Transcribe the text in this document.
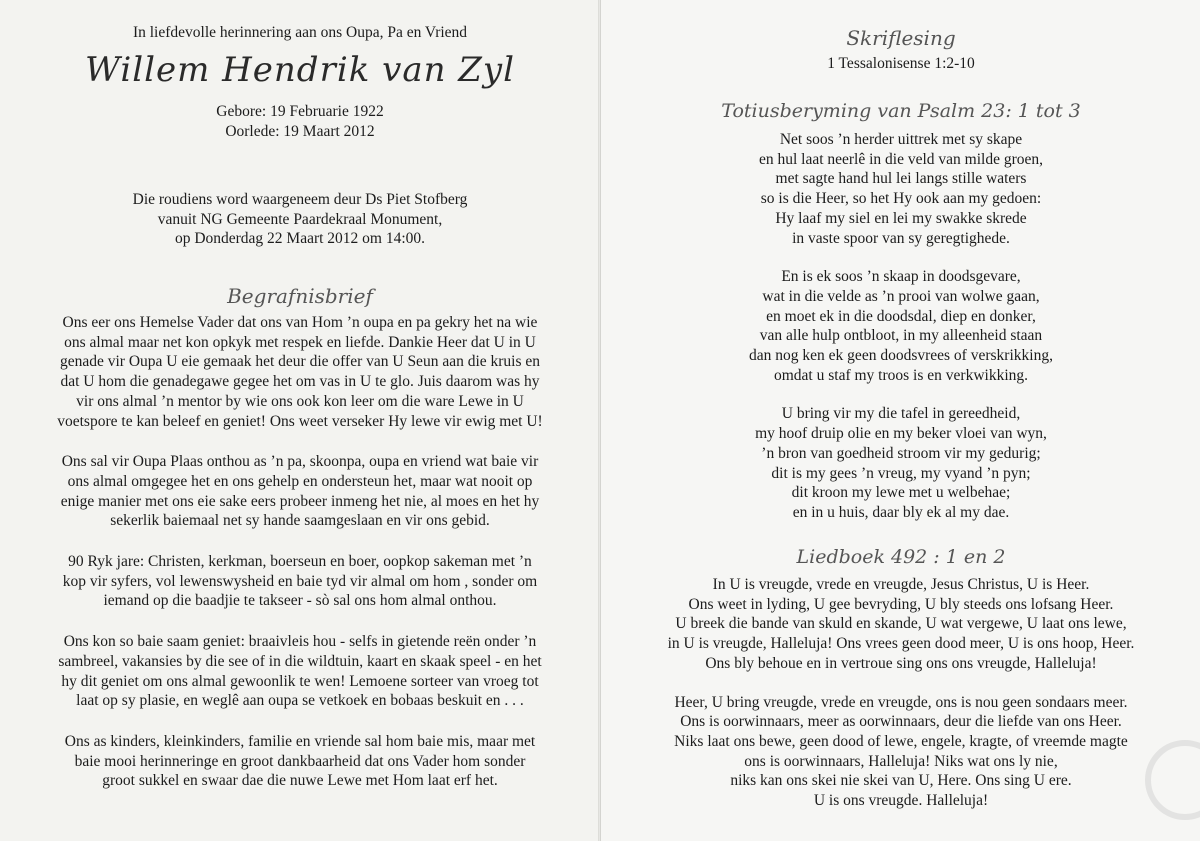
In liefdevolle herinnering aan ons Oupa, Pa en Vriend
Willem Hendrik van Zyl
Gebore: 19 Februarie 1922
Oorlede: 19 Maart 2012
Die roudiens word waargeneem deur Ds Piet Stofberg
vanuit NG Gemeente Paardekraal Monument,
op Donderdag 22 Maart 2012 om 14:00.
Begrafnisbrief
Ons eer ons Hemelse Vader dat ons van Hom ’n oupa en pa gekry het na wie
ons almal maar net kon opkyk met respek en liefde. Dankie Heer dat U in U
genade vir Oupa U eie gemaak het deur die offer van U Seun aan die kruis en
dat U hom die genadegawe gegee het om vas in U te glo. Juis daarom was hy
vir ons almal ’n mentor by wie ons ook kon leer om die ware Lewe in U
voetspore te kan beleef en geniet! Ons weet verseker Hy lewe vir ewig met U!
Ons sal vir Oupa Plaas onthou as ’n pa, skoonpa, oupa en vriend wat baie vir
ons almal omgegee het en ons gehelp en ondersteun het, maar wat nooit op
enige manier met ons eie sake eers probeer inmeng het nie, al moes en het hy
sekerlik baiemaal net sy hande saamgeslaan en vir ons gebid.
90 Ryk jare: Christen, kerkman, boerseun en boer, oopkop sakeman met ’n
kop vir syfers, vol lewenswysheid en baie tyd vir almal om hom , sonder om
iemand op die baadjie te takseer - sò sal ons hom almal onthou.
Ons kon so baie saam geniet: braaivleis hou - selfs in gietende reën onder ’n
sambreel, vakansies by die see of in die wildtuin, kaart en skaak speel - en het
hy dit geniet om ons almal gewoonlik te wen! Lemoene sorteer van vroeg tot
laat op sy plasie, en weglê aan oupa se vetkoek en bobaas beskuit en . . .
Ons as kinders, kleinkinders, familie en vriende sal hom baie mis, maar met
baie mooi herinneringe en groot dankbaarheid dat ons Vader hom sonder
groot sukkel en swaar dae die nuwe Lewe met Hom laat erf het.
Skriflesing
1 Tessalonisense 1:2-10
Totiusberyming van Psalm 23: 1 tot 3
Net soos ’n herder uittrek met sy skape
en hul laat neerlê in die veld van milde groen,
met sagte hand hul lei langs stille waters
so is die Heer, so het Hy ook aan my gedoen:
Hy laaf my siel en lei my swakke skrede
in vaste spoor van sy geregtighede.
En is ek soos ’n skaap in doodsgevare,
wat in die velde as ’n prooi van wolwe gaan,
en moet ek in die doodsdal, diep en donker,
van alle hulp ontbloot, in my alleenheid staan
dan nog ken ek geen doodsvrees of verskrikking,
omdat u staf my troos is en verkwikking.
U bring vir my die tafel in gereedheid,
my hoof druip olie en my beker vloei van wyn,
’n bron van goedheid stroom vir my gedurig;
dit is my gees ’n vreug, my vyand ’n pyn;
dit kroon my lewe met u welbehae;
en in u huis, daar bly ek al my dae.
Liedboek 492 : 1 en 2
In U is vreugde, vrede en vreugde, Jesus Christus, U is Heer.
Ons weet in lyding, U gee bevryding, U bly steeds ons lofsang Heer.
U breek die bande van skuld en skande, U wat vergewe, U laat ons lewe,
in U is vreugde, Halleluja! Ons vrees geen dood meer, U is ons hoop, Heer.
Ons bly behoue en in vertroue sing ons ons vreugde, Halleluja!
Heer, U bring vreugde, vrede en vreugde, ons is nou geen sondaars meer.
Ons is oorwinnaars, meer as oorwinnaars, deur die liefde van ons Heer.
Niks laat ons bewe, geen dood of lewe, engele, kragte, of vreemde magte
ons is oorwinnaars, Halleluja! Niks wat ons ly nie,
niks kan ons skei nie skei van U, Here. Ons sing U ere.
U is ons vreugde. Halleluja!
